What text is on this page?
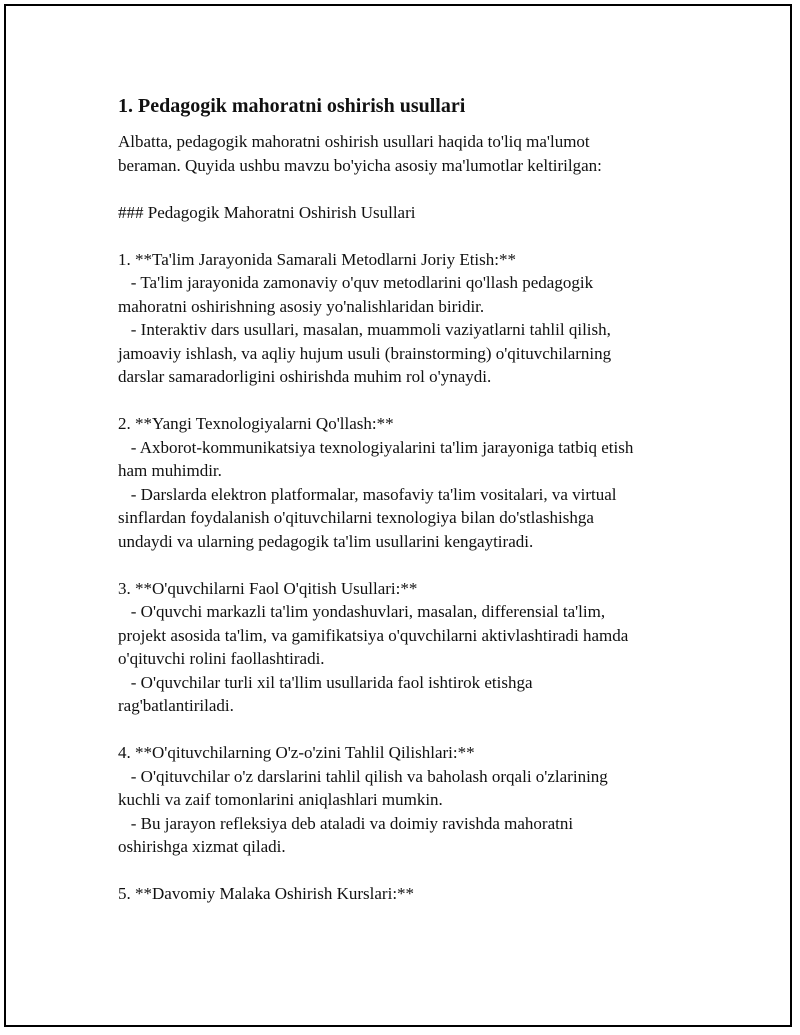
1. Pedagogik mahoratni oshirish usullari
Albatta, pedagogik mahoratni oshirish usullari haqida to'liq ma'lumot
beraman. Quyida ushbu mavzu bo'yicha asosiy ma'lumotlar keltirilgan:
### Pedagogik Mahoratni Oshirish Usullari
1. **Ta'lim Jarayonida Samarali Metodlarni Joriy Etish:**
- Ta'lim jarayonida zamonaviy o'quv metodlarini qo'llash pedagogik
mahoratni oshirishning asosiy yo'nalishlaridan biridir.
- Interaktiv dars usullari, masalan, muammoli vaziyatlarni tahlil qilish,
jamoaviy ishlash, va aqliy hujum usuli (brainstorming) o'qituvchilarning
darslar samaradorligini oshirishda muhim rol o'ynaydi.
2. **Yangi Texnologiyalarni Qo'llash:**
- Axborot-kommunikatsiya texnologiyalarini ta'lim jarayoniga tatbiq etish
ham muhimdir.
- Darslarda elektron platformalar, masofaviy ta'lim vositalari, va virtual
sinflardan foydalanish o'qituvchilarni texnologiya bilan do'stlashishga
undaydi va ularning pedagogik ta'lim usullarini kengaytiradi.
3. **O'quvchilarni Faol O'qitish Usullari:**
- O'quvchi markazli ta'lim yondashuvlari, masalan, differensial ta'lim,
projekt asosida ta'lim, va gamifikatsiya o'quvchilarni aktivlashtiradi hamda
o'qituvchi rolini faollashtiradi.
- O'quvchilar turli xil ta'llim usullarida faol ishtirok etishga
rag'batlantiriladi.
4. **O'qituvchilarning O'z-o'zini Tahlil Qilishlari:**
- O'qituvchilar o'z darslarini tahlil qilish va baholash orqali o'zlarining
kuchli va zaif tomonlarini aniqlashlari mumkin.
- Bu jarayon refleksiya deb ataladi va doimiy ravishda mahoratni
oshirishga xizmat qiladi.
5. **Davomiy Malaka Oshirish Kurslari:**
